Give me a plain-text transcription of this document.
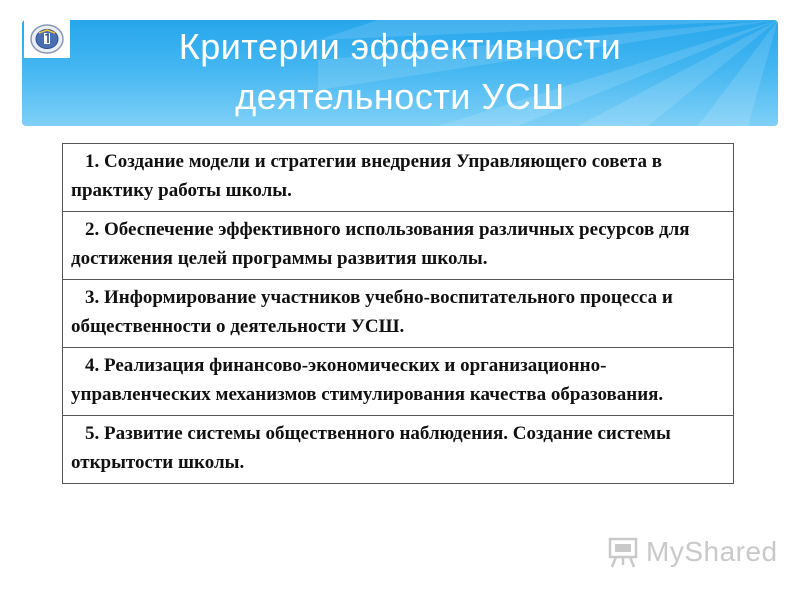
Критерии эффективности
деятельности УСШ
1. Создание модели и стратегии внедрения Управляющего совета в практику работы школы.
2. Обеспечение эффективного использования различных ресурсов для достижения целей программы развития школы.
3. Информирование участников учебно-воспитательного процесса и общественности о деятельности УСШ.
4. Реализация финансово-экономических и организационно-управленческих механизмов стимулирования качества образования.
5. Развитие системы общественного наблюдения. Создание системы открытости школы.
MyShared
